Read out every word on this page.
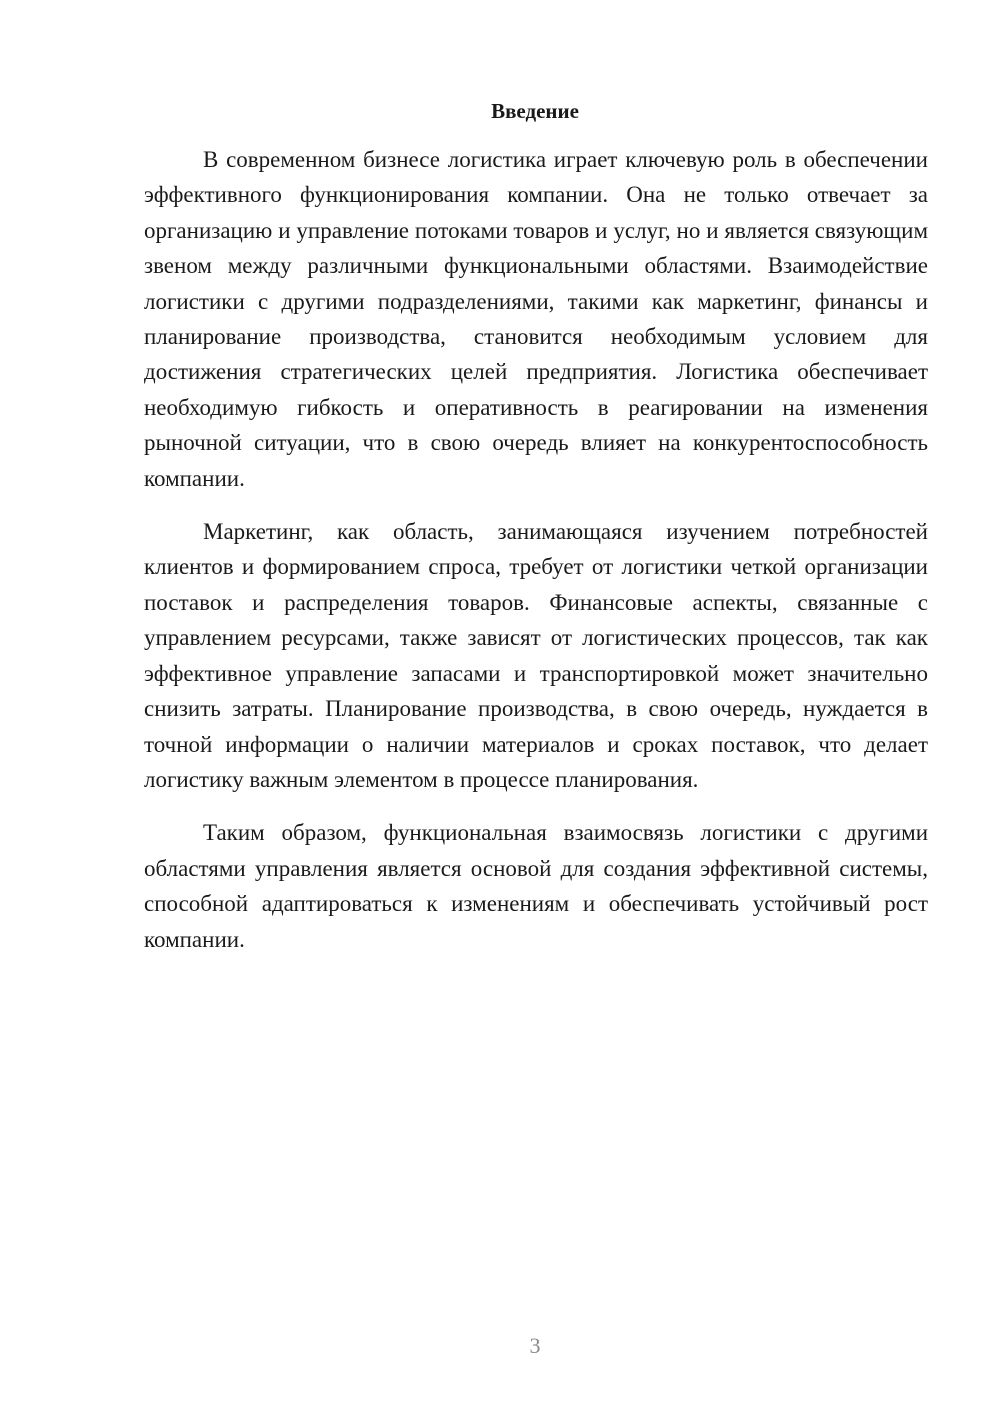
Введение

В современном бизнесе логистика играет ключевую роль в обеспечении эффективного функционирования компании. Она не только отвечает за организацию и управление потоками товаров и услуг, но и является связующим звеном между различными функциональными областями. Взаимодействие логистики с другими подразделениями, такими как маркетинг, финансы и планирование производства, становится необходимым условием для достижения стратегических целей предприятия. Логистика обеспечивает необходимую гибкость и оперативность в реагировании на изменения рыночной ситуации, что в свою очередь влияет на конкурентоспособность компании.

Маркетинг, как область, занимающаяся изучением потребностей клиентов и формированием спроса, требует от логистики четкой организации поставок и распределения товаров. Финансовые аспекты, связанные с управлением ресурсами, также зависят от логистических процессов, так как эффективное управление запасами и транспортировкой может значительно снизить затраты. Планирование производства, в свою очередь, нуждается в точной информации о наличии материалов и сроках поставок, что делает логистику важным элементом в процессе планирования.

Таким образом, функциональная взаимосвязь логистики с другими областями управления является основой для создания эффективной системы, способной адаптироваться к изменениям и обеспечивать устойчивый рост компании.

3
